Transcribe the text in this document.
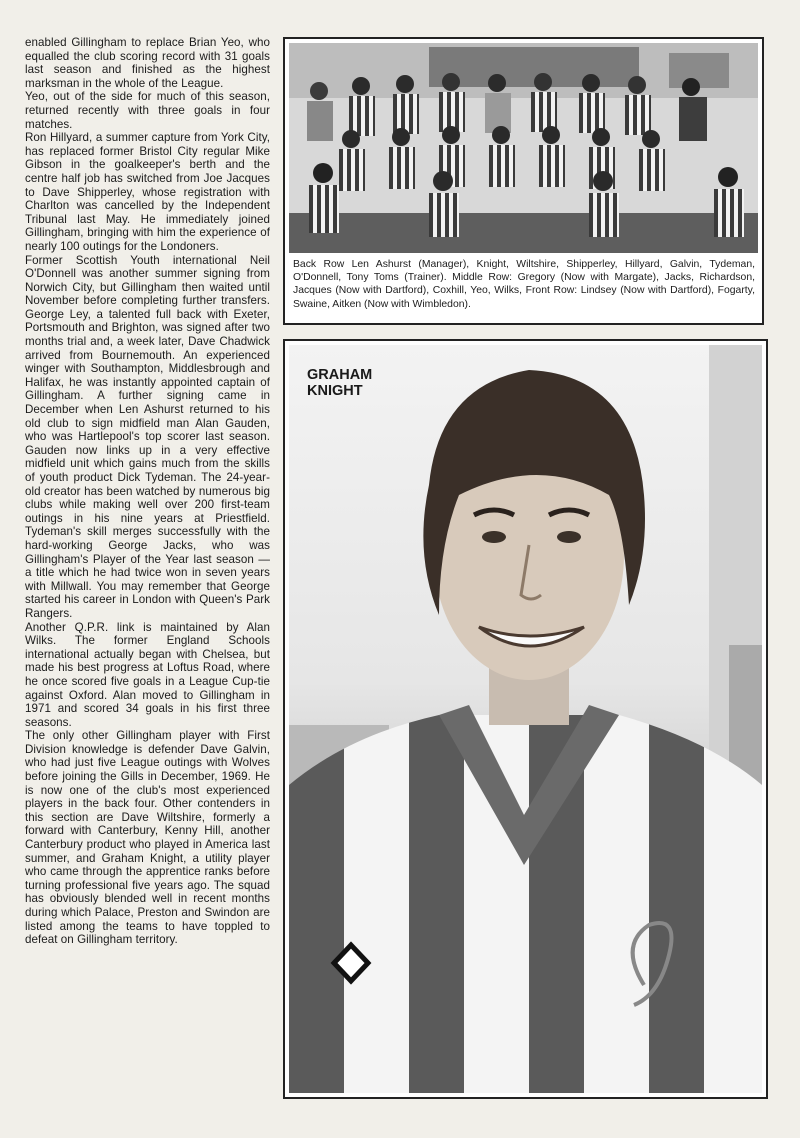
enabled Gillingham to replace Brian Yeo, who equalled the club scoring record with 31 goals last season and finished as the highest marksman in the whole of the League.

Yeo, out of the side for much of this season, returned recently with three goals in four matches.

Ron Hillyard, a summer capture from York City, has replaced former Bristol City regular Mike Gibson in the goalkeeper's berth and the centre half job has switched from Joe Jacques to Dave Shipperley, whose registration with Charlton was cancelled by the Independent Tribunal last May. He immediately joined Gillingham, bringing with him the experience of nearly 100 outings for the Londoners.

Former Scottish Youth international Neil O'Donnell was another summer signing from Norwich City, but Gillingham then waited until November before completing further transfers. George Ley, a talented full back with Exeter, Portsmouth and Brighton, was signed after two months trial and, a week later, Dave Chadwick arrived from Bournemouth. An experienced winger with Southampton, Middlesbrough and Halifax, he was instantly appointed captain of Gillingham. A further signing came in December when Len Ashurst returned to his old club to sign midfield man Alan Gauden, who was Hartlepool's top scorer last season. Gauden now links up in a very effective midfield unit which gains much from the skills of youth product Dick Tydeman. The 24-year-old creator has been watched by numerous big clubs while making well over 200 first-team outings in his nine years at Priestfield. Tydeman's skill merges successfully with the hard-working George Jacks, who was Gillingham's Player of the Year last season — a title which he had twice won in seven years with Millwall. You may remember that George started his career in London with Queen's Park Rangers.

Another Q.P.R. link is maintained by Alan Wilks. The former England Schools international actually began with Chelsea, but made his best progress at Loftus Road, where he once scored five goals in a League Cup-tie against Oxford. Alan moved to Gillingham in 1971 and scored 34 goals in his first three seasons.

The only other Gillingham player with First Division knowledge is defender Dave Galvin, who had just five League outings with Wolves before joining the Gills in December, 1969. He is now one of the club's most experienced players in the back four. Other contenders in this section are Dave Wiltshire, formerly a forward with Canterbury, Kenny Hill, another Canterbury product who played in America last summer, and Graham Knight, a utility player who came through the apprentice ranks before turning professional five years ago. The squad has obviously blended well in recent months during which Palace, Preston and Swindon are listed among the teams to have toppled to defeat on Gillingham territory.

Back Row Len Ashurst (Manager), Knight, Wiltshire, Shipperley, Hillyard, Galvin, Tydeman, O'Donnell, Tony Toms (Trainer). Middle Row: Gregory (Now with Margate), Jacks, Richardson, Jacques (Now with Dartford), Coxhill, Yeo, Wilks, Front Row: Lindsey (Now with Dartford), Fogarty, Swaine, Aitken (Now with Wimbledon).
GRAHAM KNIGHT
